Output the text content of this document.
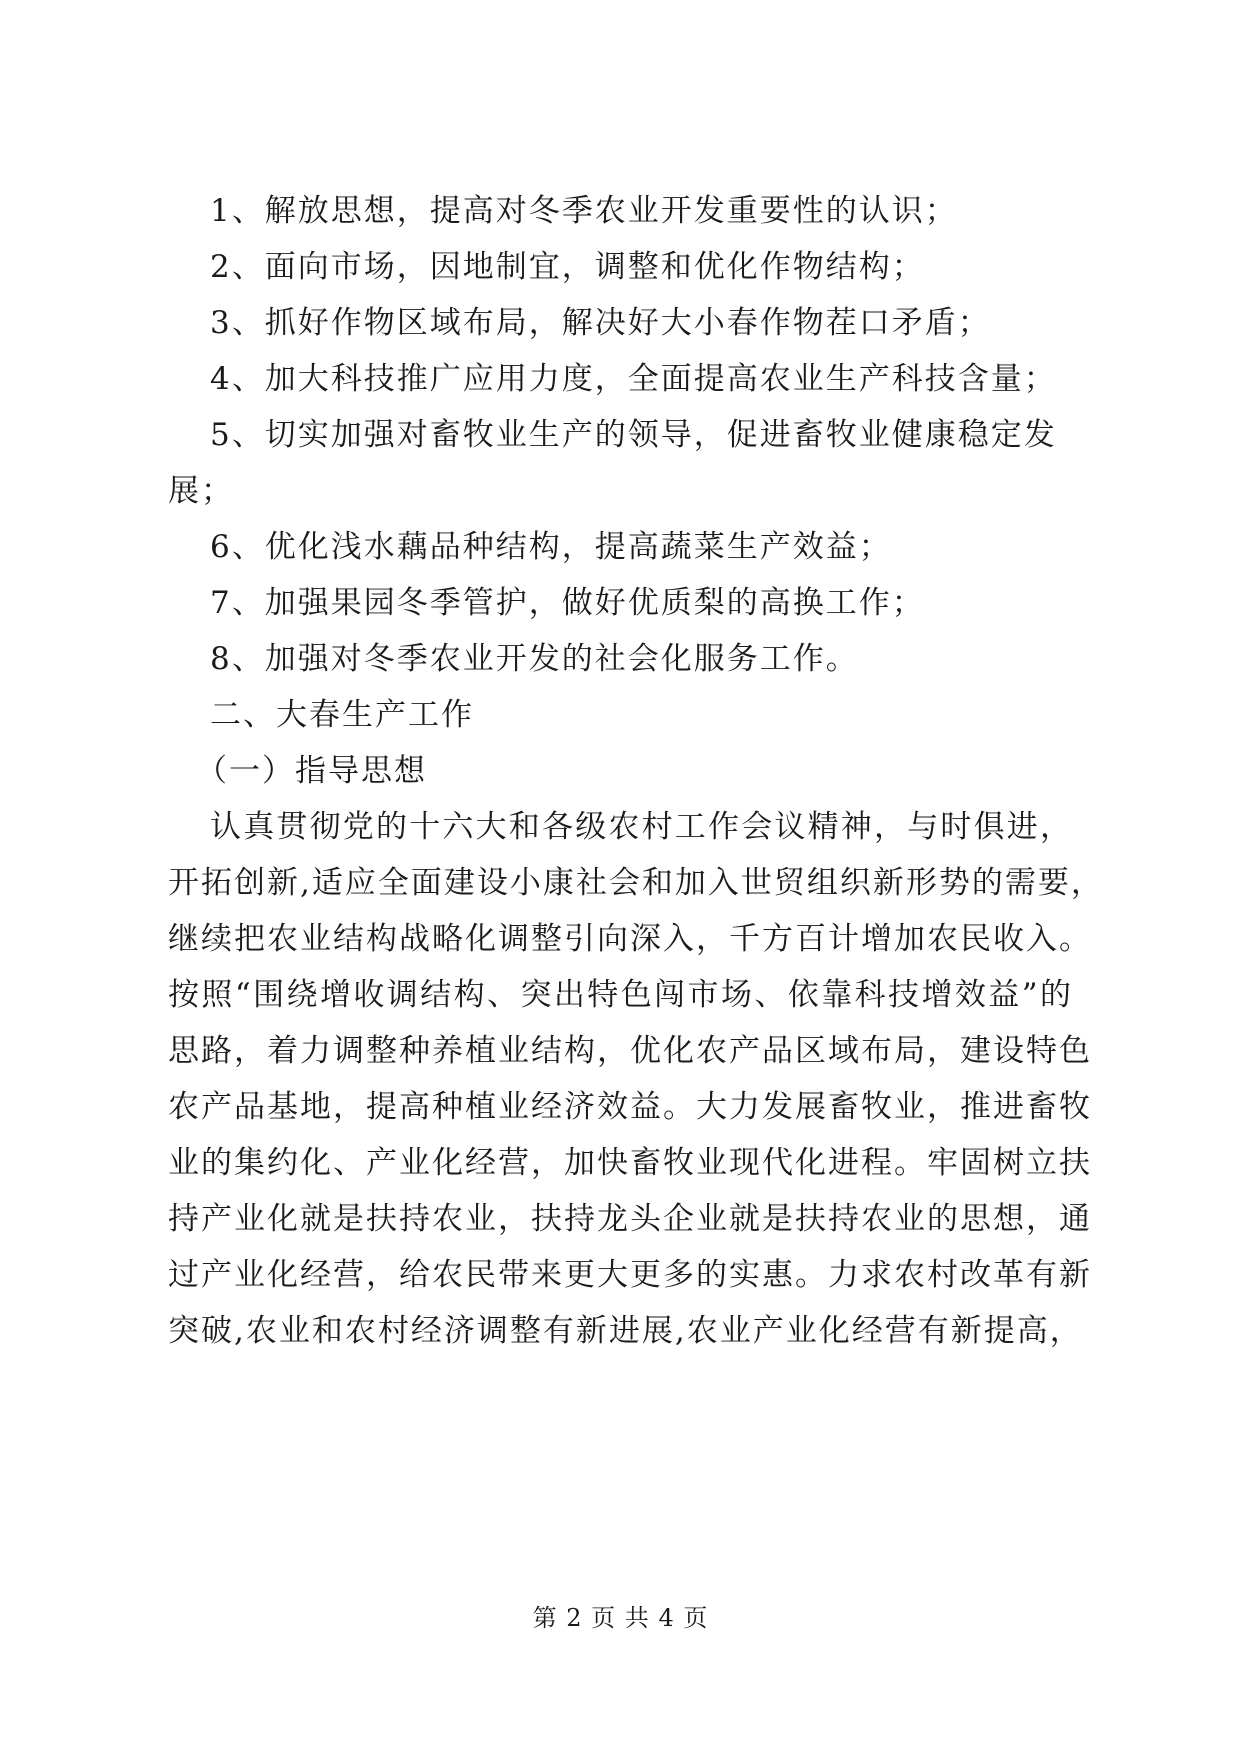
1、解放思想，提高对冬季农业开发重要性的认识；
2、面向市场，因地制宜，调整和优化作物结构；
3、抓好作物区域布局，解决好大小春作物茬口矛盾；
4、加大科技推广应用力度，全面提高农业生产科技含量；
5、切实加强对畜牧业生产的领导，促进畜牧业健康稳定发
展；
6、优化浅水藕品种结构，提高蔬菜生产效益；
7、加强果园冬季管护，做好优质梨的高换工作；
8、加强对冬季农业开发的社会化服务工作。
二、大春生产工作
（一）指导思想
认真贯彻党的十六大和各级农村工作会议精神，与时俱进，
开拓创新,适应全面建设小康社会和加入世贸组织新形势的需要，
继续把农业结构战略化调整引向深入，千方百计增加农民收入。
按照“围绕增收调结构、突出特色闯市场、依靠科技增效益”的
思路，着力调整种养植业结构，优化农产品区域布局，建设特色
农产品基地，提高种植业经济效益。大力发展畜牧业，推进畜牧
业的集约化、产业化经营，加快畜牧业现代化进程。牢固树立扶
持产业化就是扶持农业，扶持龙头企业就是扶持农业的思想，通
过产业化经营，给农民带来更大更多的实惠。力求农村改革有新
突破,农业和农村经济调整有新进展,农业产业化经营有新提高，
第 2 页 共 4 页
